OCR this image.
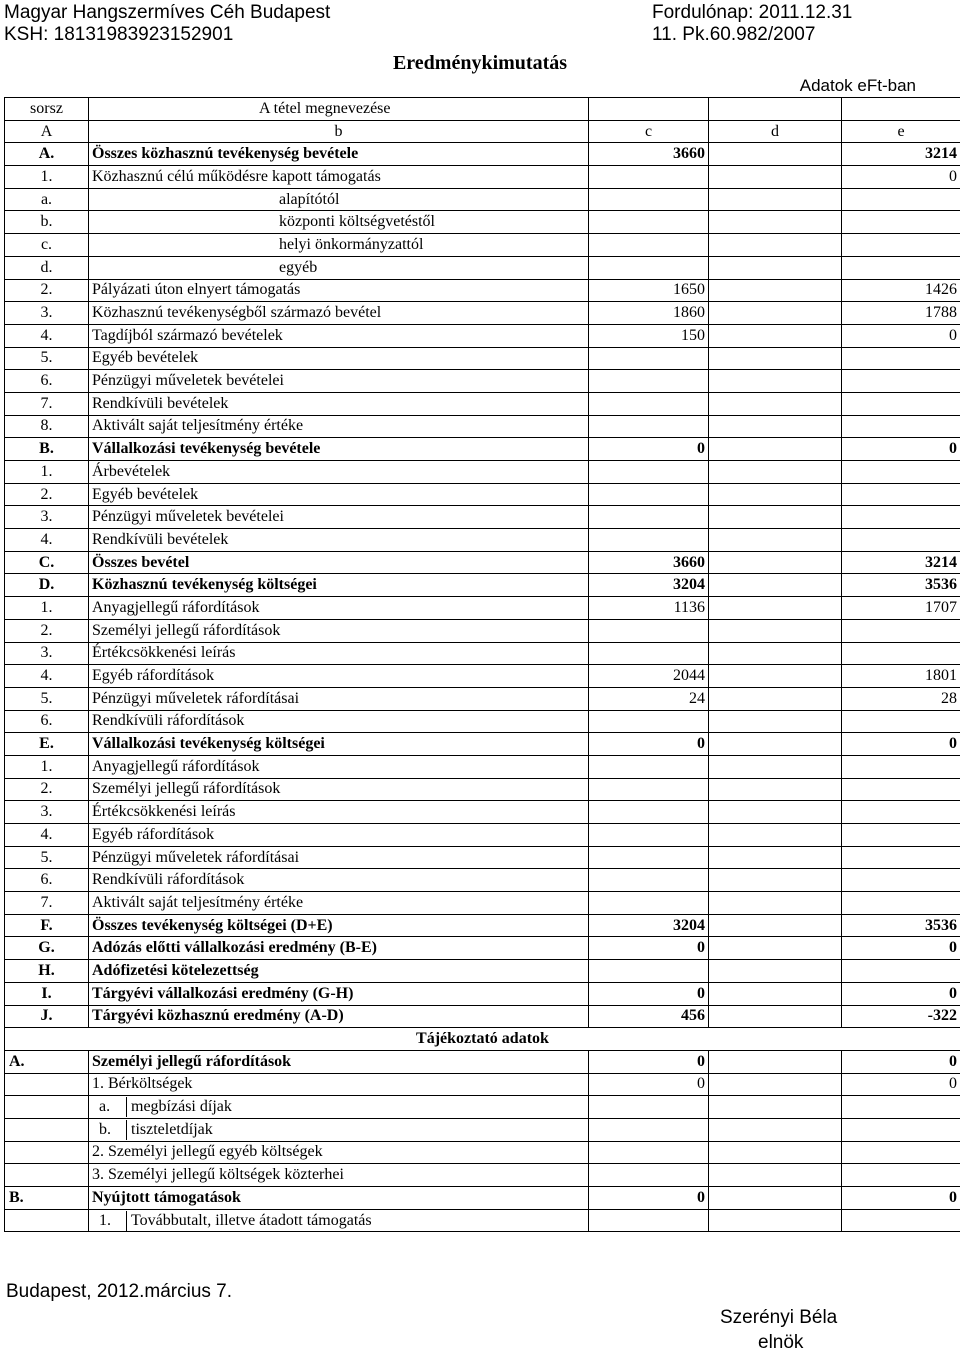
Magyar Hangszermíves Céh Budapest
KSH: 18131983923152901
Fordulónap: 2011.12.31
11. Pk.60.982/2007
Eredménykimutatás
Adatok eFt-ban
sorsz	A tétel megnevezése			
A	b	c	d	e
A.	Összes közhasznú tevékenység bevétele	3660		3214
1.	Közhasznú célú működésre kapott támogatás			0
a.	alapítótól			
b.	központi költségvetéstől			
c.	helyi önkormányzattól			
d.	egyéb			
2.	Pályázati úton elnyert támogatás	1650		1426
3.	Közhasznú tevékenységből származó bevétel	1860		1788
4.	Tagdíjból származó bevételek	150		0
5.	Egyéb bevételek			
6.	Pénzügyi műveletek bevételei			
7.	Rendkívüli bevételek			
8.	Aktivált saját teljesítmény értéke			
B.	Vállalkozási tevékenység bevétele	0		0
1.	Árbevételek			
2.	Egyéb bevételek			
3.	Pénzügyi műveletek bevételei			
4.	Rendkívüli bevételek			
C.	Összes bevétel	3660		3214
D.	Közhasznú tevékenység költségei	3204		3536
1.	Anyagjellegű ráfordítások	1136		1707
2.	Személyi jellegű ráfordítások			
3.	Értékcsökkenési leírás			
4.	Egyéb ráfordítások	2044		1801
5.	Pénzügyi műveletek ráfordításai	24		28
6.	Rendkívüli ráfordítások			
E.	Vállalkozási tevékenység költségei	0		0
1.	Anyagjellegű ráfordítások			
2.	Személyi jellegű ráfordítások			
3.	Értékcsökkenési leírás			
4.	Egyéb ráfordítások			
5.	Pénzügyi műveletek ráfordításai			
6.	Rendkívüli ráfordítások			
7.	Aktivált saját teljesítmény értéke			
F.	Összes tevékenység költségei (D+E)	3204		3536
G.	Adózás előtti vállalkozási eredmény (B-E)	0		0
H.	Adófizetési kötelezettség			
I.	Tárgyévi vállalkozási eredmény (G-H)	0		0
J.	Tárgyévi közhasznú eredmény (A-D)	456		-322
Tájékoztató adatok				
A.	Személyi jellegű ráfordítások	0		0
	1. Bérköltségek	0		0
	a. megbízási díjak			
	b. tiszteletdíjak			
	2. Személyi jellegű egyéb költségek			
	3. Személyi jellegű költségek közterhei			
B.	Nyújtott támogatások	0		0
	1. Továbbutalt, illetve átadott támogatás			
Budapest, 2012.március 7.
Szerényi Béla
elnök
